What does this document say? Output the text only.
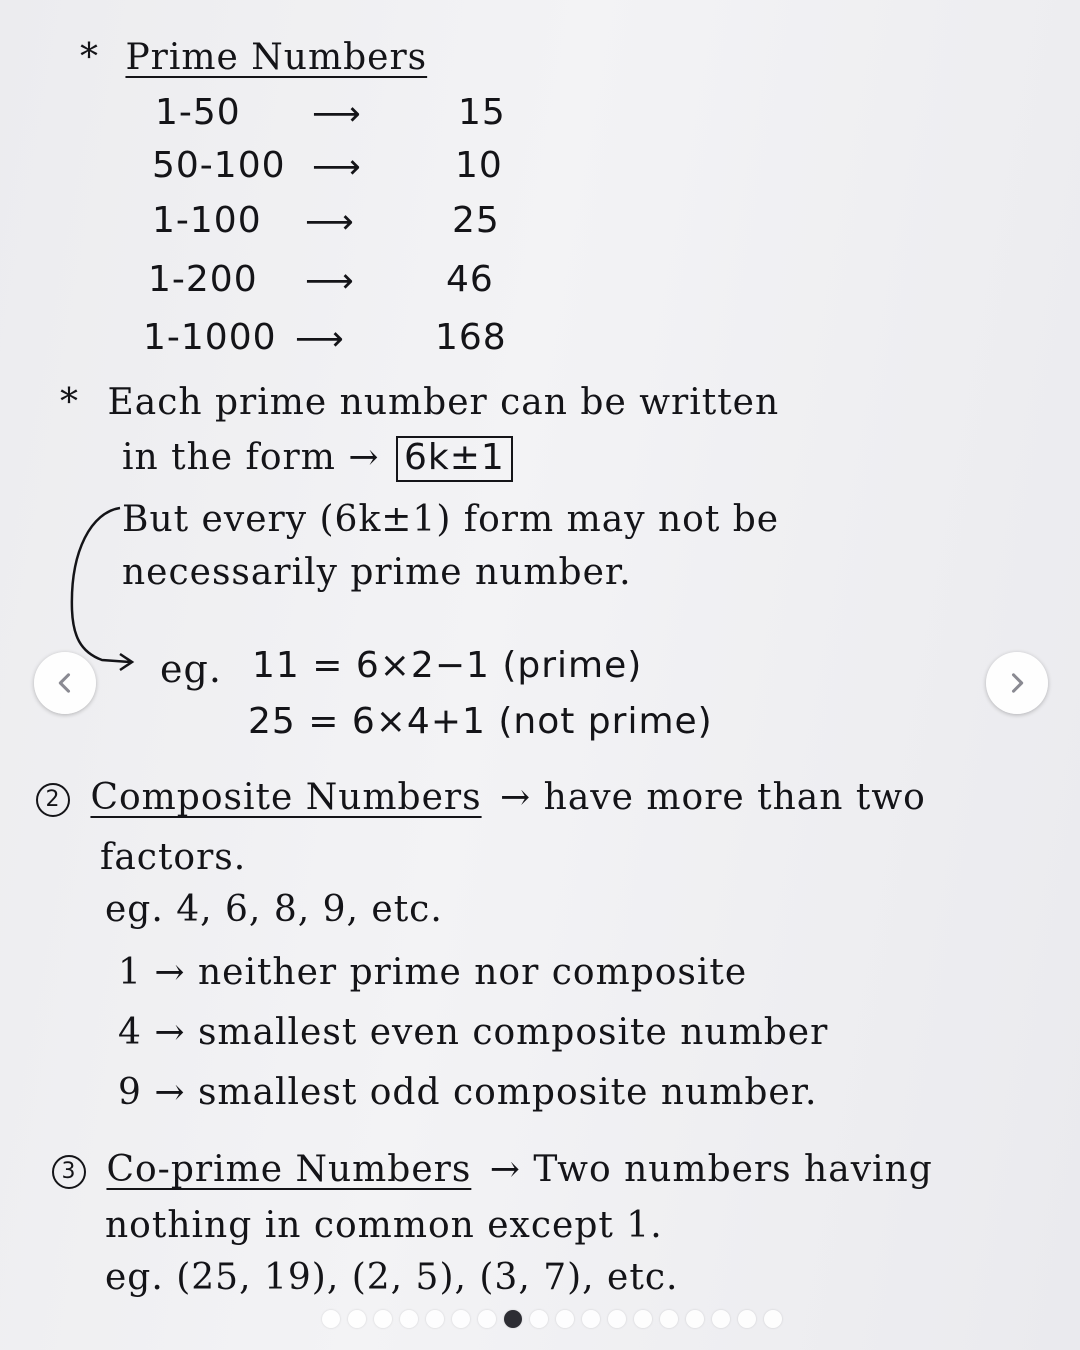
* Prime Numbers
1-50 ⟶	15
50-100 ⟶	10
1-100 ⟶	25
1-200 ⟶	46
1-1000 ⟶	168
* Each prime number can be written
in the form → 6k±1
But every (6k±1) form may not be
necessarily prime number.
eg. 11 = 6×2−1 (prime)
25 = 6×4+1 (not prime)
2 Composite Numbers → have more than two
factors.
eg. 4, 6, 8, 9, etc.
1 → neither prime nor composite
4 → smallest even composite number
9 → smallest odd composite number.
3 Co-prime Numbers → Two numbers having
nothing in common except 1.
eg. (25, 19), (2, 5), (3, 7), etc.
